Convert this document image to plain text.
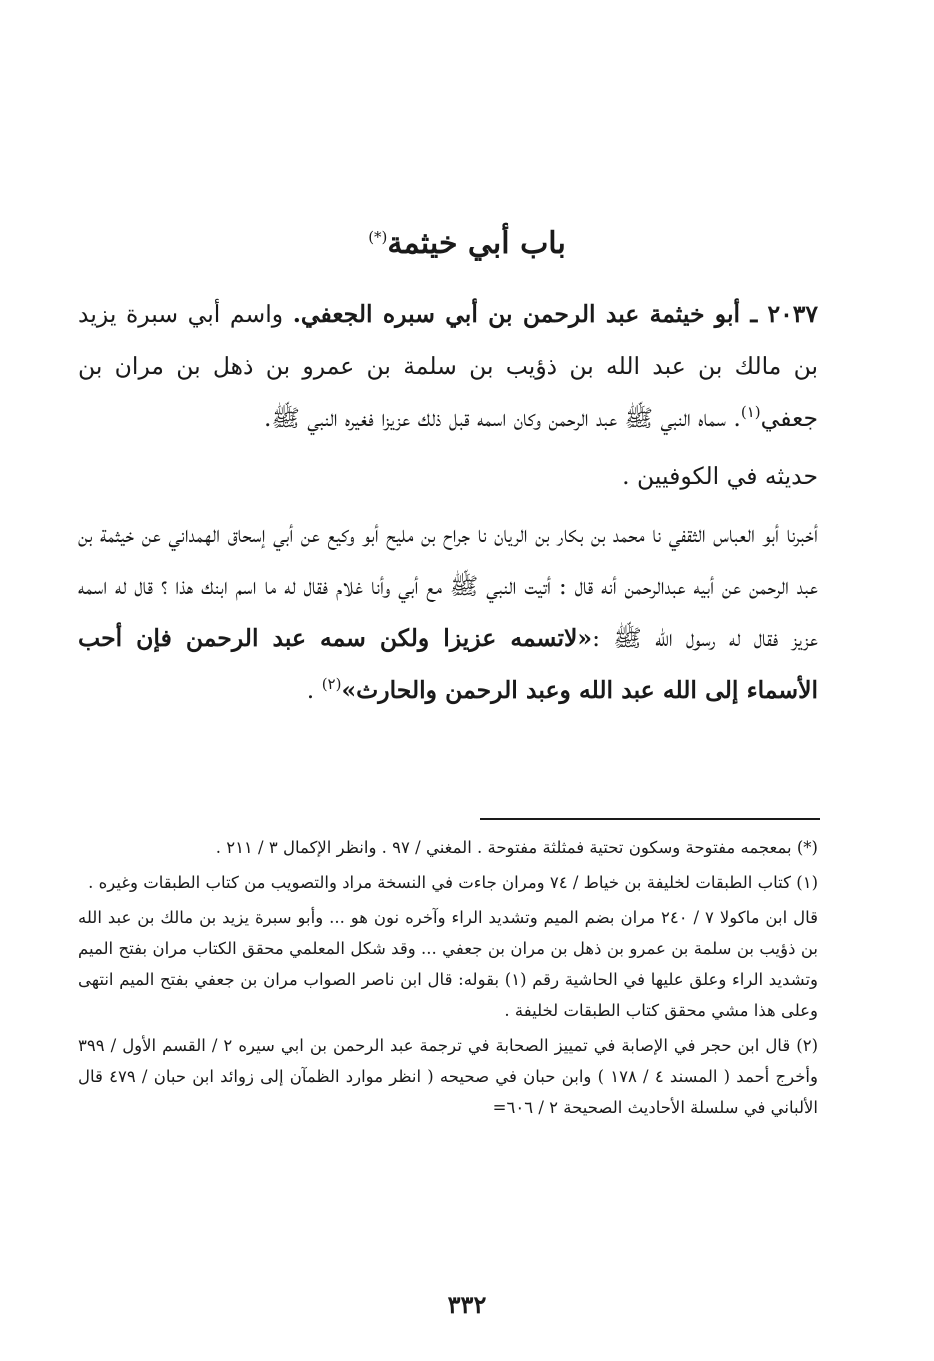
باب أبي خيثمة(*)

٢٠٣٧ ـ أبو خيثمة عبد الرحمن بن أبي سبره الجعفي. واسم أبي سبرة يزيد بن مالك بن عبد الله بن ذؤيب بن سلمة بن عمرو بن ذهل بن مران بن جعفي$^{(١)}$. سماه النبي ﷺ عبد الرحمن وكان اسمه قبل ذلك عزيزا فغيره النبي ﷺ.

حديثه في الكوفيين .

أخبرنا أبو العباس الثقفي نا محمد بن بكار بن الريان نا جراح بن مليح أبو وكيع عن أبي إسحاق الهمداني عن خيثمة بن عبد الرحمن عن أبيه عبدالرحمن أنه قال : أتيت النبي ﷺ مع أبي وأنا غلام فقال له ما اسم ابنك هذا ؟ قال له اسمه عزيز فقال له رسول الله ﷺ :«لاتسمه عزيزا ولكن سمه عبد الرحمن فإن أحب الأسماء إلى الله عبد الله وعبد الرحمن والحارث»$^{(٢)}$ .

(*) بمعجمه مفتوحة وسكون تحتية فمثلثة مفتوحة . المغني / ٩٧ . وانظر الإكمال ٣ / ٢١١ .

(١) كتاب الطبقات لخليفة بن خياط / ٧٤ ومران جاءت في النسخة مراد والتصويب من كتاب الطبقات وغيره .

قال ابن ماكولا ٧ / ٢٤٠ مران بضم الميم وتشديد الراء وآخره نون هو ... وأبو سبرة يزيد بن مالك بن عبد الله بن ذؤيب بن سلمة بن عمرو بن ذهل بن مران بن جعفي ... وقد شكل المعلمي محقق الكتاب مران بفتح الميم وتشديد الراء وعلق عليها في الحاشية رقم (١) بقوله: قال ابن ناصر الصواب مران بن جعفي بفتح الميم انتهى وعلى هذا مشي محقق كتاب الطبقات لخليفة .

(٢) قال ابن حجر في الإصابة في تمييز الصحابة في ترجمة عبد الرحمن بن ابي سيره ٢ / القسم الأول / ٣٩٩ وأخرج أحمد ( المسند ٤ / ١٧٨ ) وابن حبان في صحيحه ( انظر موارد الظمآن إلى زوائد ابن حبان / ٤٧٩ قال الألباني في سلسلة الأحاديث الصحيحة ٢ / ٦٠٦=

٣٣٢
